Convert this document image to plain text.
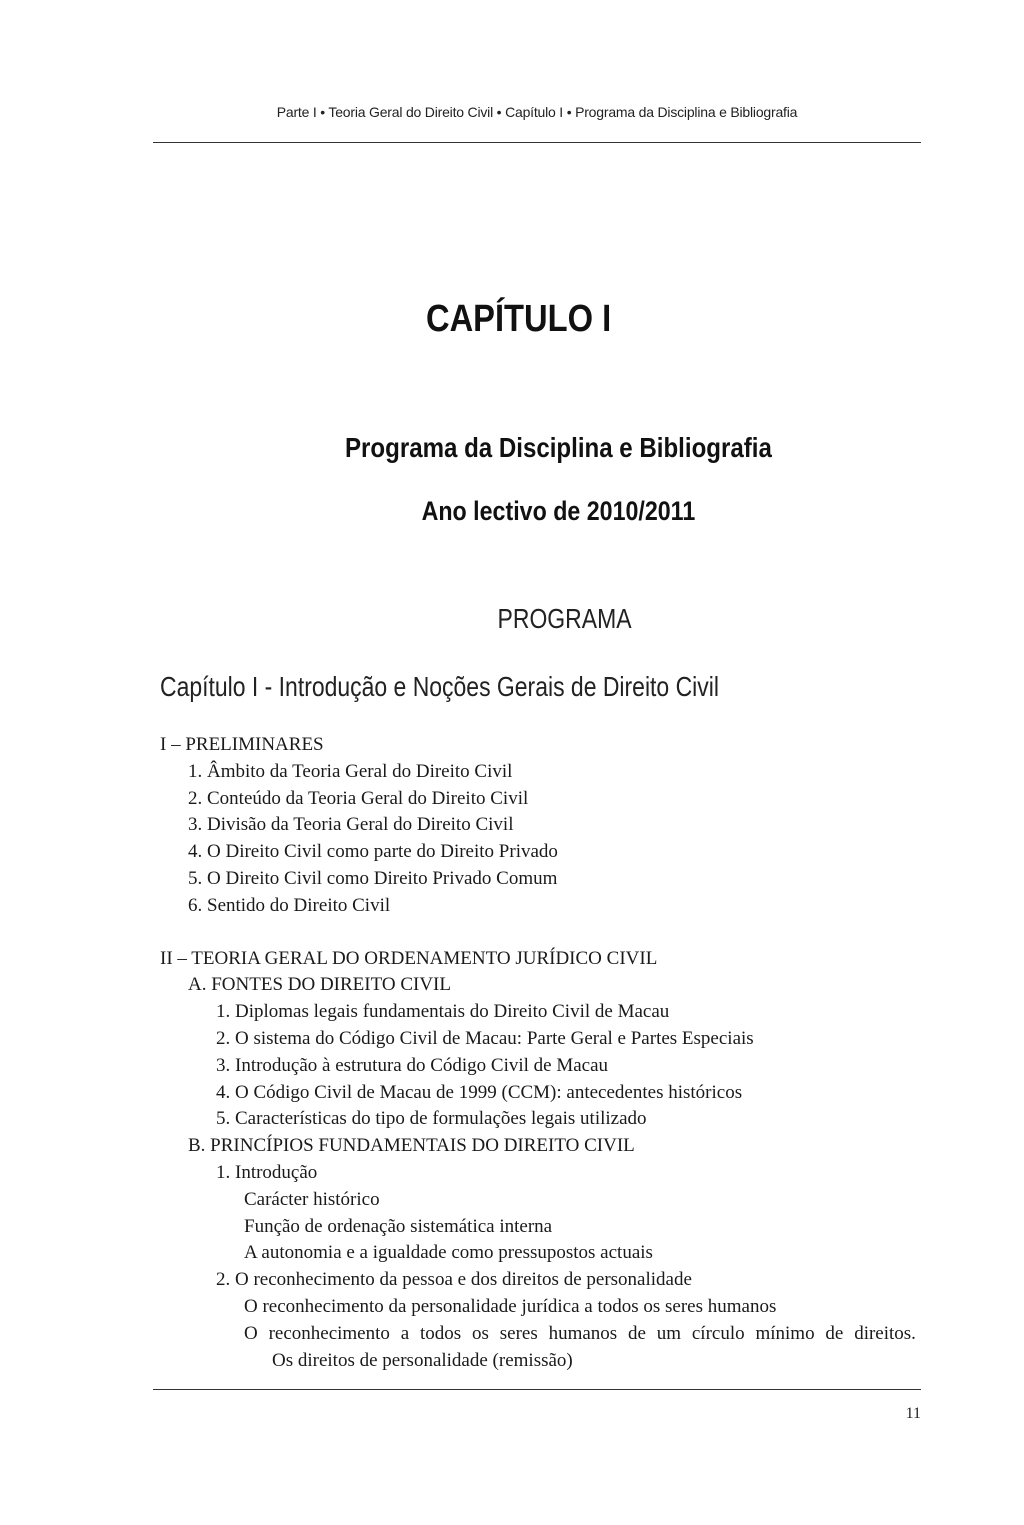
Parte I • Teoria Geral do Direito Civil • Capítulo I • Programa da Disciplina e Bibliografia
CAPÍTULO I
Programa da Disciplina e Bibliografia
Ano lectivo de 2010/2011
PROGRAMA
Capítulo I - Introdução e Noções Gerais de Direito Civil
I – PRELIMINARES
1. Âmbito da Teoria Geral do Direito Civil
2. Conteúdo da Teoria Geral do Direito Civil
3. Divisão da Teoria Geral do Direito Civil
4. O Direito Civil como parte do Direito Privado
5. O Direito Civil como Direito Privado Comum
6. Sentido do Direito Civil
II – TEORIA GERAL DO ORDENAMENTO JURÍDICO CIVIL
A. FONTES DO DIREITO CIVIL
1. Diplomas legais fundamentais do Direito Civil de Macau
2. O sistema do Código Civil de Macau: Parte Geral e Partes Especiais
3. Introdução à estrutura do Código Civil de Macau
4. O Código Civil de Macau de 1999 (CCM): antecedentes históricos
5. Características do tipo de formulações legais utilizado
B. PRINCÍPIOS FUNDAMENTAIS DO DIREITO CIVIL
1. Introdução
Carácter histórico
Função de ordenação sistemática interna
A autonomia e a igualdade como pressupostos actuais
2. O reconhecimento da pessoa e dos direitos de personalidade
O reconhecimento da personalidade jurídica a todos os seres humanos
O reconhecimento a todos os seres humanos de um círculo mínimo de direitos.
Os direitos de personalidade (remissão)
11
